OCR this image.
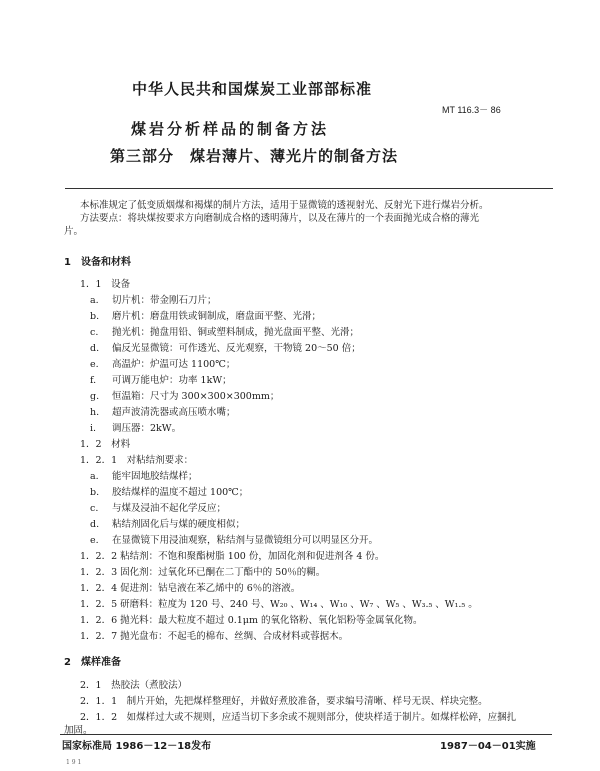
中华人民共和国煤炭工业部部标准
MT 116.3－ 86
煤岩分析样品的制备方法
第三部分　煤岩薄片、薄光片的制备方法
本标准规定了低变质烟煤和褐煤的制片方法，适用于显微镜的透视射光、反射光下进行煤岩分析。
方法要点：将块煤按要求方向磨制成合格的透明薄片，以及在薄片的一个表面抛光成合格的薄光
片。
1　设备和材料
1．1　设备
a. 切片机：带金刚石刀片；
b. 磨片机：磨盘用铁或铜制成，磨盘面平整、光滑；
c. 抛光机：抛盘用铅、铜或塑料制成，抛光盘面平整、光滑；
d. 偏反光显微镜：可作透光、反光观察，干物镜 20～50 倍；
e. 高温炉：炉温可达 1100℃；
f. 可调万能电炉：功率 1kW；
g. 恒温箱：尺寸为 300×300×300mm；
h. 超声波清洗器或高压喷水嘴；
i. 调压器：2kW。
1．2　材料
1．2．1　对粘结剂要求：
a. 能牢固地胶结煤样；
b. 胶结煤样的温度不超过 100℃；
c. 与煤及浸油不起化学反应；
d. 粘结剂固化后与煤的硬度相似；
e. 在显微镜下用浸油观察，粘结剂与显微镜组分可以明显区分开。
1．2．2 粘结剂：不饱和聚酯树脂 100 份，加固化剂和促进剂各 4 份。
1．2．3 固化剂：过氧化环已酮在二丁酯中的 50％的糊。
1．2．4 促进剂：钴皂液在苯乙烯中的 6％的溶液。
1．2．5 研磨料：粒度为 120 号、240 号、W₂₀ 、W₁₄ 、W₁₀ 、W₇ 、W₅ 、W₃.₅ 、W₁.₅ 。
1．2．6 抛光料：最大粒度不超过 0.1μm 的氧化铬粉、氧化铝粉等金属氧化物。
1．2．7 抛光盘布：不起毛的棉布、丝绸、合成材料或蓉据木。
2　煤样准备
2．1　热胶法（煮胶法）
2．1．1　制片开始，先把煤样整理好，并做好煮胶准备，要求编号清晰、样号无误、样块完整。
2．1．2　如煤样过大或不规则，应适当切下多余或不规则部分，使块样适于制片。如煤样松碎，应捆扎
加固。
国家标准局 1986－12－18发布	1987－04－01实施
1 9 1
